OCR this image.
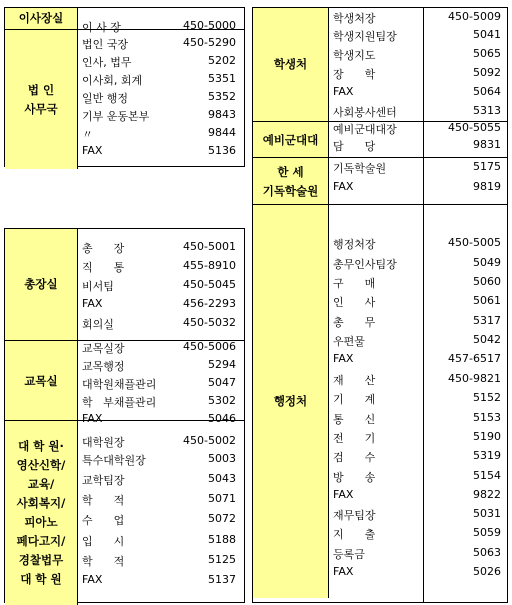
이사장실
이 사 장	450-5000
법 인
사무국
법인 국장	450-5290
인사, 법무	5202
이사회, 회계	5351
일반 행정	5352
기부 운동본부	9843
〃	9844
FAX	5136
총장실
총      장	450-5001
직      통	455-8910
비서팀	450-5045
FAX	456-2293
회의실	450-5032
교목실
교목실장	450-5006
교목행정	5294
대학원채플관리	5047
학   부채플관리	5302
FAX	5046
대 학 원·
영산신학/
교육/
사회복지/
피아노
페다고지/
경찰법무
대 학 원
대학원장	450-5002
특수대학원장	5003
교학팀장	5043
학      적	5071
수      업	5072
입      시	5188
학      적	5125
FAX	5137
학생처
학생처장	450-5009
학생지원팀장	5041
학생지도	5065
장      학	5092
FAX	5064
사회봉사센터	5313
예비군대대
예비군대대장	450-5055
담      당	9831
한 세
기독학술원
기독학술원	5175
FAX	9819
행정처
행정처장	450-5005
총무인사팀장	5049
구      매	5060
인      사	5061
총      무	5317
우편물	5042
FAX	457-6517
재      산	450-9821
기      계	5152
통      신	5153
전      기	5190
검      수	5319
방      송	5154
FAX	9822
재무팀장	5031
지      출	5059
등록금	5063
FAX	5026
